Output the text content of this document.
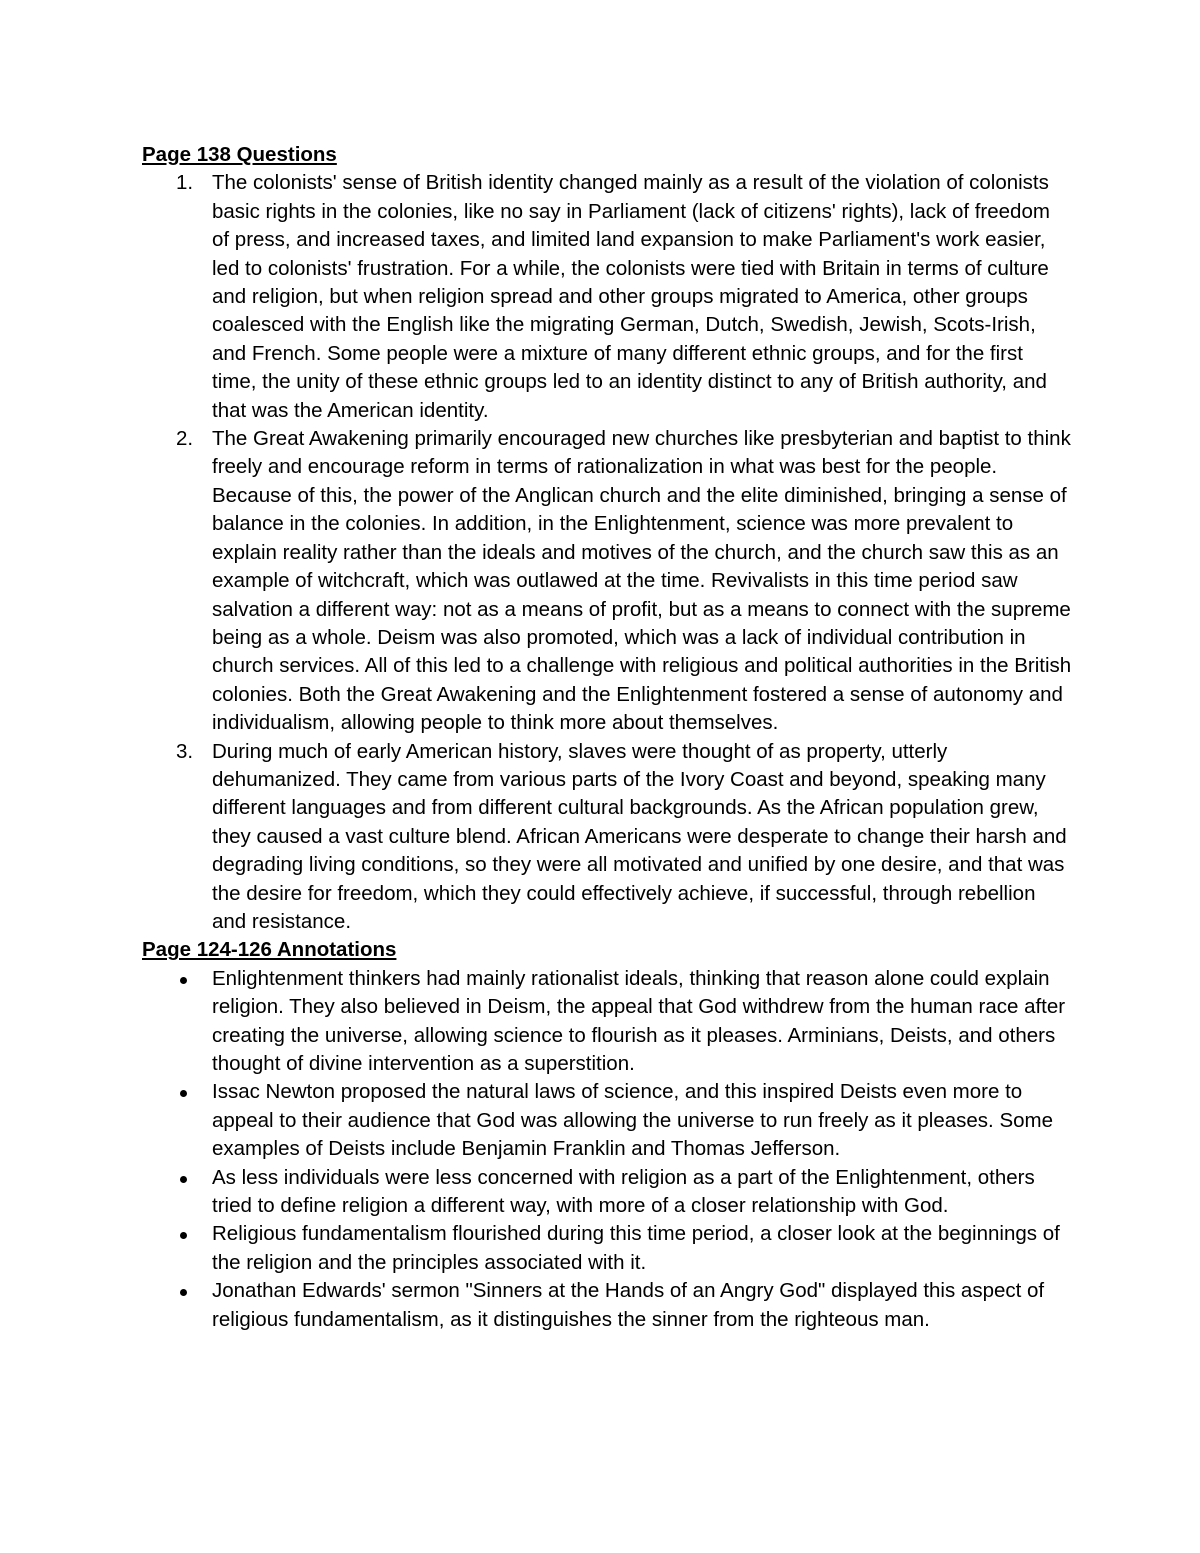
Page 138 Questions
1. The colonists' sense of British identity changed mainly as a result of the violation of colonists basic rights in the colonies, like no say in Parliament (lack of citizens' rights), lack of freedom of press, and increased taxes, and limited land expansion to make Parliament's work easier, led to colonists' frustration. For a while, the colonists were tied with Britain in terms of culture and religion, but when religion spread and other groups migrated to America, other groups coalesced with the English like the migrating German, Dutch, Swedish, Jewish, Scots-Irish, and French. Some people were a mixture of many different ethnic groups, and for the first time, the unity of these ethnic groups led to an identity distinct to any of British authority, and that was the American identity.
2. The Great Awakening primarily encouraged new churches like presbyterian and baptist to think freely and encourage reform in terms of rationalization in what was best for the people. Because of this, the power of the Anglican church and the elite diminished, bringing a sense of balance in the colonies. In addition, in the Enlightenment, science was more prevalent to explain reality rather than the ideals and motives of the church, and the church saw this as an example of witchcraft, which was outlawed at the time. Revivalists in this time period saw salvation a different way: not as a means of profit, but as a means to connect with the supreme being as a whole. Deism was also promoted, which was a lack of individual contribution in church services. All of this led to a challenge with religious and political authorities in the British colonies. Both the Great Awakening and the Enlightenment fostered a sense of autonomy and individualism, allowing people to think more about themselves.
3. During much of early American history, slaves were thought of as property, utterly dehumanized. They came from various parts of the Ivory Coast and beyond, speaking many different languages and from different cultural backgrounds. As the African population grew, they caused a vast culture blend. African Americans were desperate to change their harsh and degrading living conditions, so they were all motivated and unified by one desire, and that was the desire for freedom, which they could effectively achieve, if successful, through rebellion and resistance.
Page 124-126 Annotations
Enlightenment thinkers had mainly rationalist ideals, thinking that reason alone could explain religion. They also believed in Deism, the appeal that God withdrew from the human race after creating the universe, allowing science to flourish as it pleases. Arminians, Deists, and others thought of divine intervention as a superstition.
Issac Newton proposed the natural laws of science, and this inspired Deists even more to appeal to their audience that God was allowing the universe to run freely as it pleases. Some examples of Deists include Benjamin Franklin and Thomas Jefferson.
As less individuals were less concerned with religion as a part of the Enlightenment, others tried to define religion a different way, with more of a closer relationship with God.
Religious fundamentalism flourished during this time period, a closer look at the beginnings of the religion and the principles associated with it.
Jonathan Edwards' sermon "Sinners at the Hands of an Angry God" displayed this aspect of religious fundamentalism, as it distinguishes the sinner from the righteous man.
